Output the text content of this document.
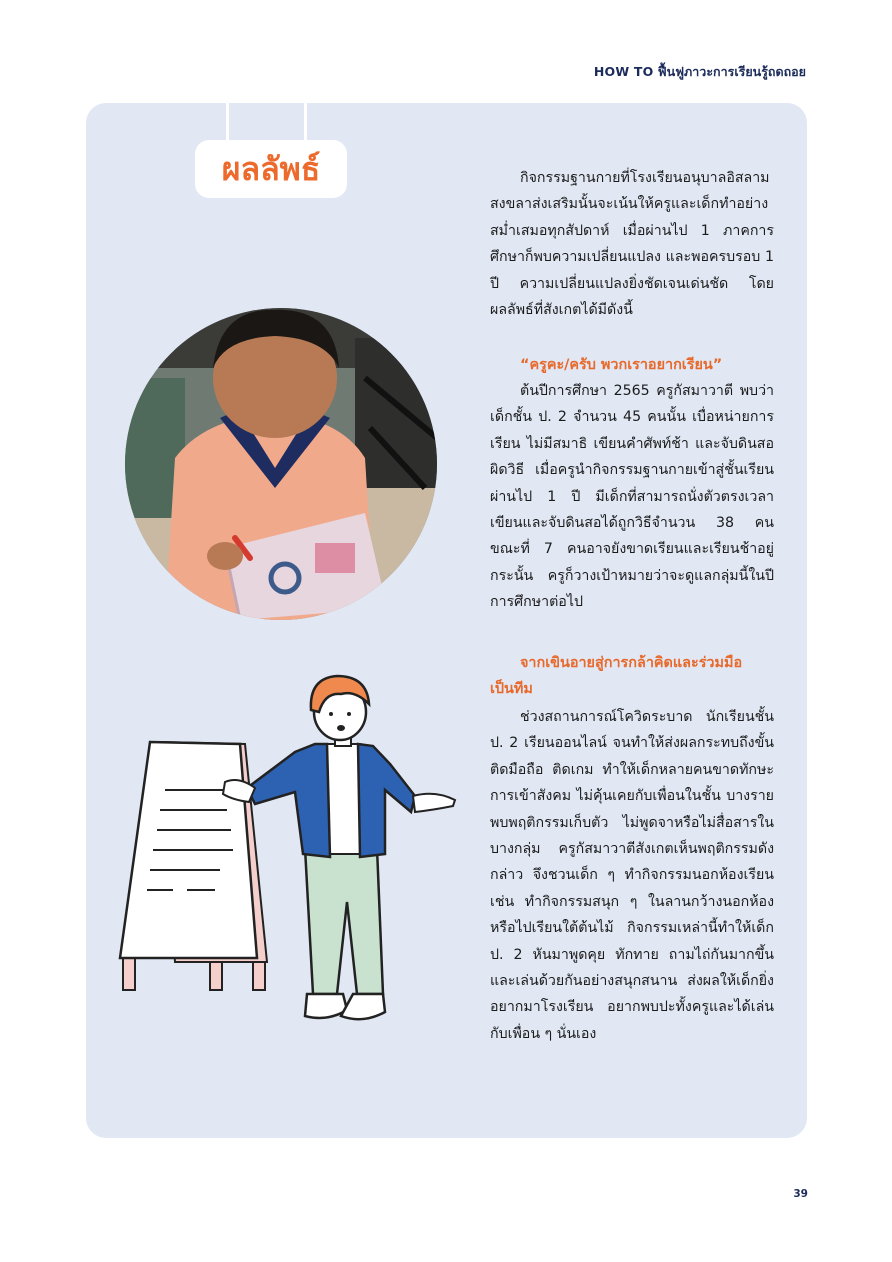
HOW TO ฟื้นฟูภาวะการเรียนรู้ถดถอย
ผลลัพธ์	กิจกรรมฐานกายที่โรงเรียนอนุบาลอิสลามสงขลาส่งเสริมนั้นจะเน้นให้ครูและเด็กทำอย่างสม่ำเสมอทุกสัปดาห์ เมื่อผ่านไป 1 ภาคการศึกษาก็พบความเปลี่ยนแปลง และพอครบรอบ 1 ปี ความเปลี่ยนแปลงยิ่งชัดเจนเด่นชัด โดยผลลัพธ์ที่สังเกตได้มีดังนี้

“ครูคะ/ครับ พวกเราอยากเรียน”

ต้นปีการศึกษา 2565 ครูกัสมาวาตี พบว่าเด็กชั้น ป. 2 จำนวน 45 คนนั้น เบื่อหน่ายการเรียน ไม่มีสมาธิ เขียนคำศัพท์ช้า และจับดินสอผิดวิธี เมื่อครูนำกิจกรรมฐานกายเข้าสู่ชั้นเรียน ผ่านไป 1 ปี มีเด็กที่สามารถนั่งตัวตรงเวลาเขียนและจับดินสอได้ถูกวิธีจำนวน 38 คน ขณะที่ 7 คนอาจยังขาดเรียนและเรียนช้าอยู่ กระนั้น ครูก็วางเป้าหมายว่าจะดูแลกลุ่มนี้ในปีการศึกษาต่อไป

จากเขินอายสู่การกล้าคิดและร่วมมือ
เป็นทีม

ช่วงสถานการณ์โควิดระบาด นักเรียนชั้น ป. 2 เรียนออนไลน์ จนทำให้ส่งผลกระทบถึงขั้นติดมือถือ ติดเกม ทำให้เด็กหลายคนขาดทักษะการเข้าสังคม ไม่คุ้นเคยกับเพื่อนในชั้น บางรายพบพฤติกรรมเก็บตัว ไม่พูดจาหรือไม่สื่อสารในบางกลุ่ม ครูกัสมาวาตีสังเกตเห็นพฤติกรรมดังกล่าว จึงชวนเด็ก ๆ ทำกิจกรรมนอกห้องเรียน เช่น ทำกิจกรรมสนุก ๆ ในลานกว้างนอกห้อง หรือไปเรียนใต้ต้นไม้ กิจกรรมเหล่านี้ทำให้เด็ก ป. 2 หันมาพูดคุย ทักทาย ถามไถ่กันมากขึ้น และเล่นด้วยกันอย่างสนุกสนาน ส่งผลให้เด็กยิ่งอยากมาโรงเรียน อยากพบปะทั้งครูและได้เล่นกับเพื่อน ๆ นั่นเอง

39
